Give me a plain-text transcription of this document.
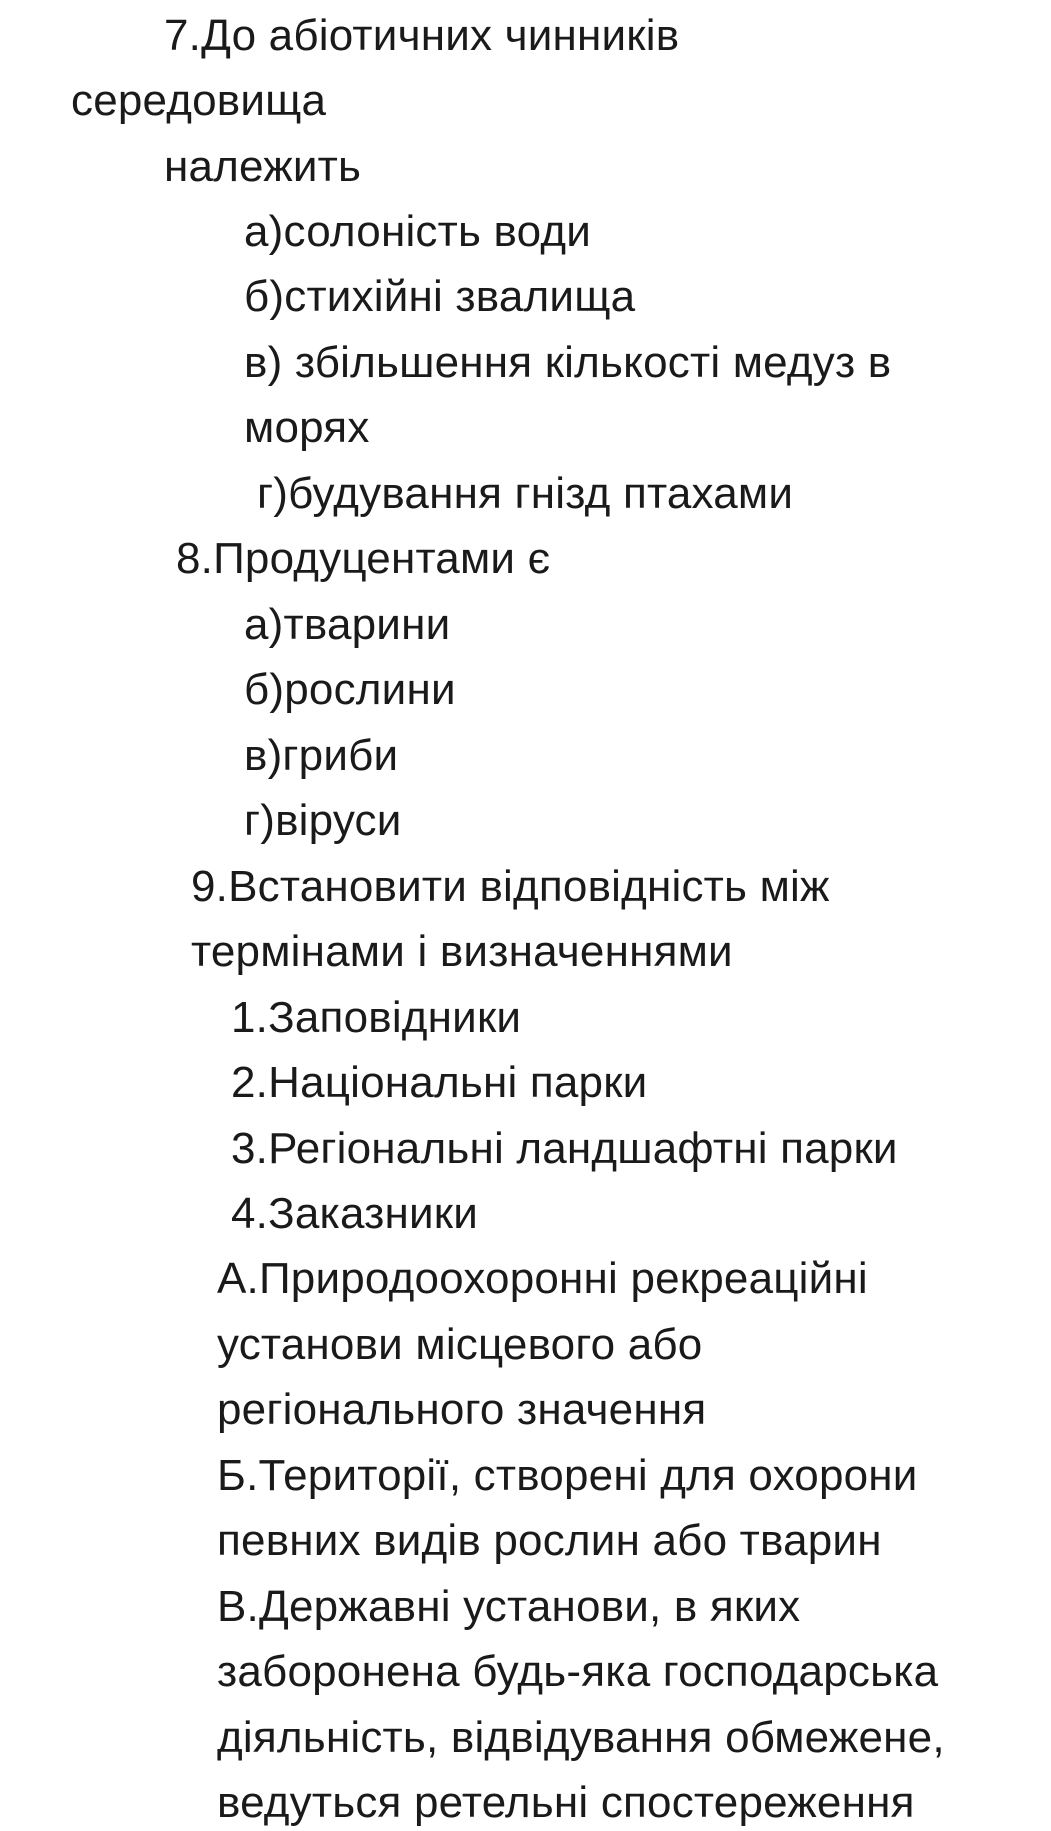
7.До абіотичних чинників
середовища
належить
а)солоність води
б)стихійні звалища
в) збільшення кількості медуз в
морях
г)будування гнізд птахами
8.Продуцентами є
а)тварини
б)рослини
в)гриби
г)віруси
9.Встановити відповідність між
термінами і визначеннями
1.Заповідники
2.Національні парки
3.Регіональні ландшафтні парки
4.Заказники
А.Природоохоронні рекреаційні
установи місцевого або
регіонального значення
Б.Території, створені для охорони
певних видів рослин або тварин
В.Державні установи, в яких
заборонена будь-яка господарська
діяльність, відвідування обмежене,
ведуться ретельні спостереження
